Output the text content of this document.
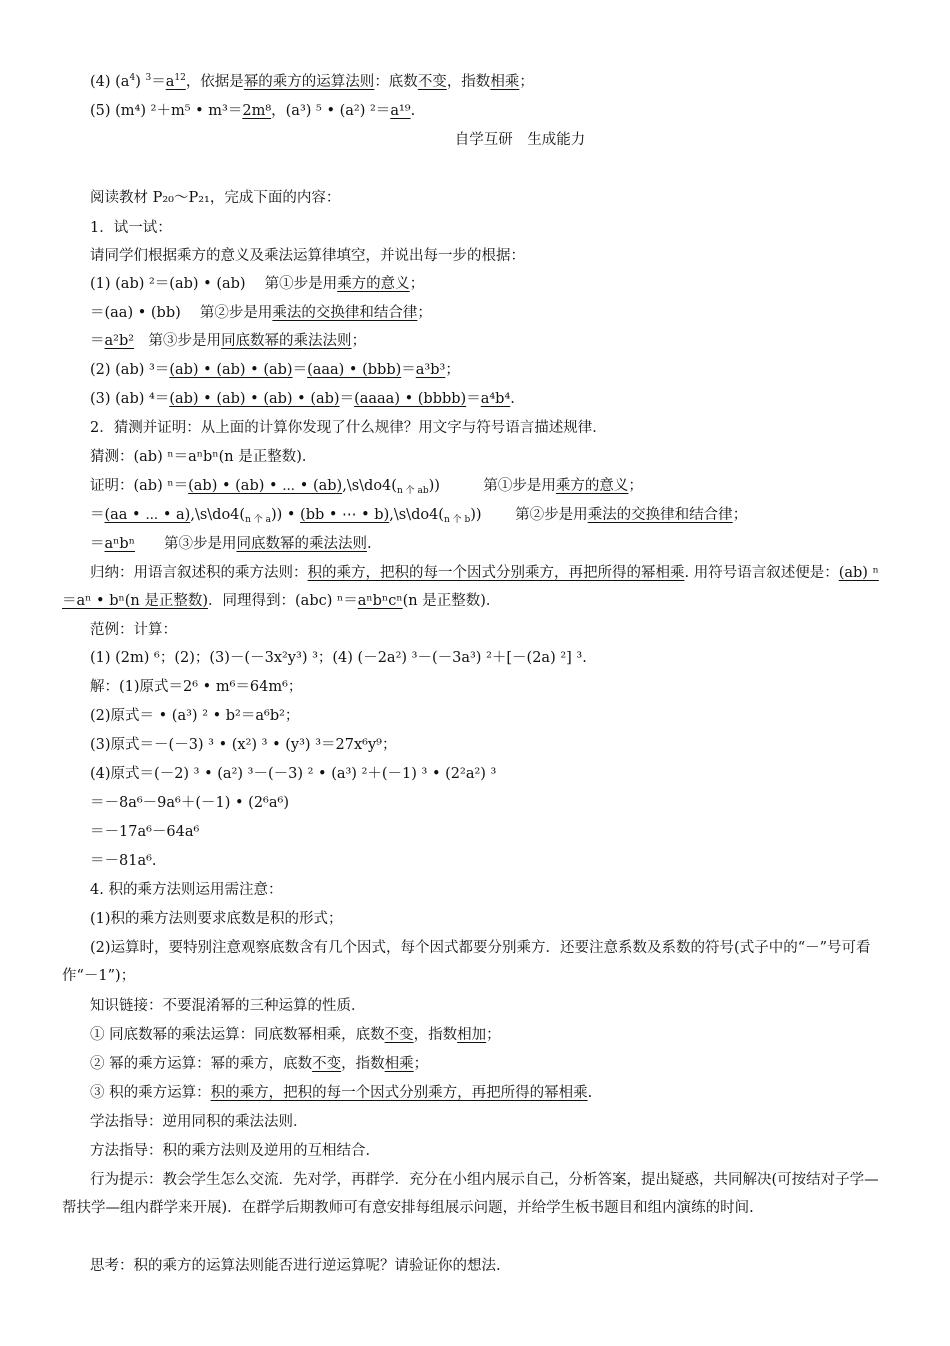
(4) $(a^4)$ $^3=a^{12}$，依据是幂的乘方的运算法则：底数不变，指数相乘；
(5) (m⁴) ²＋m⁵ • m³＝2m⁸，(a³) ⁵ • (a²) ²＝a¹⁹.
自学互研　生成能力
阅读教材 P₂₀～P₂₁，完成下面的内容：
1．试一试：
请同学们根据乘方的意义及乘法运算律填空，并说出每一步的根据：
(1) (ab) ²＝(ab) • (ab)　 第①步是用乘方的意义；
＝(aa) • (bb)　 第②步是用乘法的交换律和结合律；
＝a²b²　第③步是用同底数幂的乘法法则；
(2) (ab) ³＝(ab) • (ab) • (ab)＝(aaa) • (bbb)＝a³b³；
(3) (ab) ⁴＝(ab) • (ab) • (ab) • (ab)＝(aaaa) • (bbbb)＝a⁴b⁴.
2．猜测并证明：从上面的计算你发现了什么规律？用文字与符号语言描述规律．
猜测：(ab) ⁿ＝aⁿbⁿ(n 是正整数)．
证明：(ab) ⁿ＝(ab) • (ab) • ⋯ • $(ab),\backslash s\backslash do4(_{n 个 ab})$)　　　第①步是用乘方的意义；
＝(aa • ⋯ • $a),\backslash s\backslash do4(_{n 个 a})$) • (bb • ⋯ • $b),\backslash s\backslash do4(_{n 个 b})$)　　 第②步是用乘法的交换律和结合律；
＝aⁿbⁿ　　第③步是用同底数幂的乘法法则.
归纳：用语言叙述积的乘方法则：积的乘方，把积的每一个因式分别乘方，再把所得的幂相乘. 用符号语言叙述便是：(ab) ⁿ＝aⁿ • bⁿ(n 是正整数)．同理得到：(abc) ⁿ＝aⁿbⁿcⁿ(n 是正整数)．
范例：计算：
(1) (2m) ⁶；(2)；(3)－(－3x²y³) ³；(4) (－2a²) ³－(－3a³) ²＋[－(2a) ²] ³.
解：(1)原式＝2⁶ • m⁶＝64m⁶；
(2)原式＝ • (a³) ² • b²＝a⁶b²；
(3)原式＝－(－3) ³ • (x²) ³ • (y³) ³＝27x⁶y⁹；
(4)原式＝(－2) ³ • (a²) ³－(－3) ² • (a³) ²＋(－1) ³ • (2²a²) ³
＝－8a⁶－9a⁶＋(－1) • (2⁶a⁶)
＝－17a⁶－64a⁶
＝－81a⁶.
4. 积的乘方法则运用需注意：
(1)积的乘方法则要求底数是积的形式；
(2)运算时，要特别注意观察底数含有几个因式，每个因式都要分别乘方．还要注意系数及系数的符号(式子中的“－”号可看作“－1”)；
知识链接：不要混淆幂的三种运算的性质．
① 同底数幂的乘法运算：同底数幂相乘，底数不变，指数相加；
② 幂的乘方运算：幂的乘方，底数不变，指数相乘；
③ 积的乘方运算：积的乘方，把积的每一个因式分别乘方，再把所得的幂相乘.
学法指导：逆用同积的乘法法则．
方法指导：积的乘方法则及逆用的互相结合．
行为提示：教会学生怎么交流．先对学，再群学．充分在小组内展示自己，分析答案，提出疑惑，共同解决(可按结对子学—帮扶学—组内群学来开展)．在群学后期教师可有意安排每组展示问题，并给学生板书题目和组内演练的时间.
思考：积的乘方的运算法则能否进行逆运算呢？请验证你的想法.
